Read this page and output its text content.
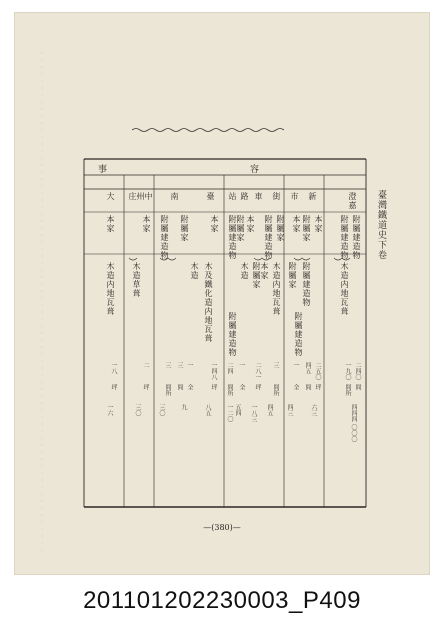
臺灣鐵道史下卷
事	容
澄嘉
新
市
街
車
路
站
臺
南
中
州
庄
大
附屬建造物
附屬建造物
木造内地瓦葺
本家
附屬家
附屬建造物
本家
附屬家
附屬建造物
附屬家
附屬建造物
本家
附屬家 木造内地瓦葺
本家
附屬家
木造
附屬建造物
附屬建造物
本家
木及鐵化造内地瓦葺
附屬家
木造
附屬建造物
木造草葺
本家
本家
木造内地瓦葺
二四〇
間
一九〇
間所
四四四
〇〇〇
二五〇
坪
四五
間
六三
一
全
四三
三
間所
四五
二八一
坪
一八三
一
全
五四
二四
間所
一二〇
一四八
坪
八五
一
全
三
間
九
三
間所
三〇
二
坪
三〇
一八
坪
一六
—(380)—
201101202230003_P409
